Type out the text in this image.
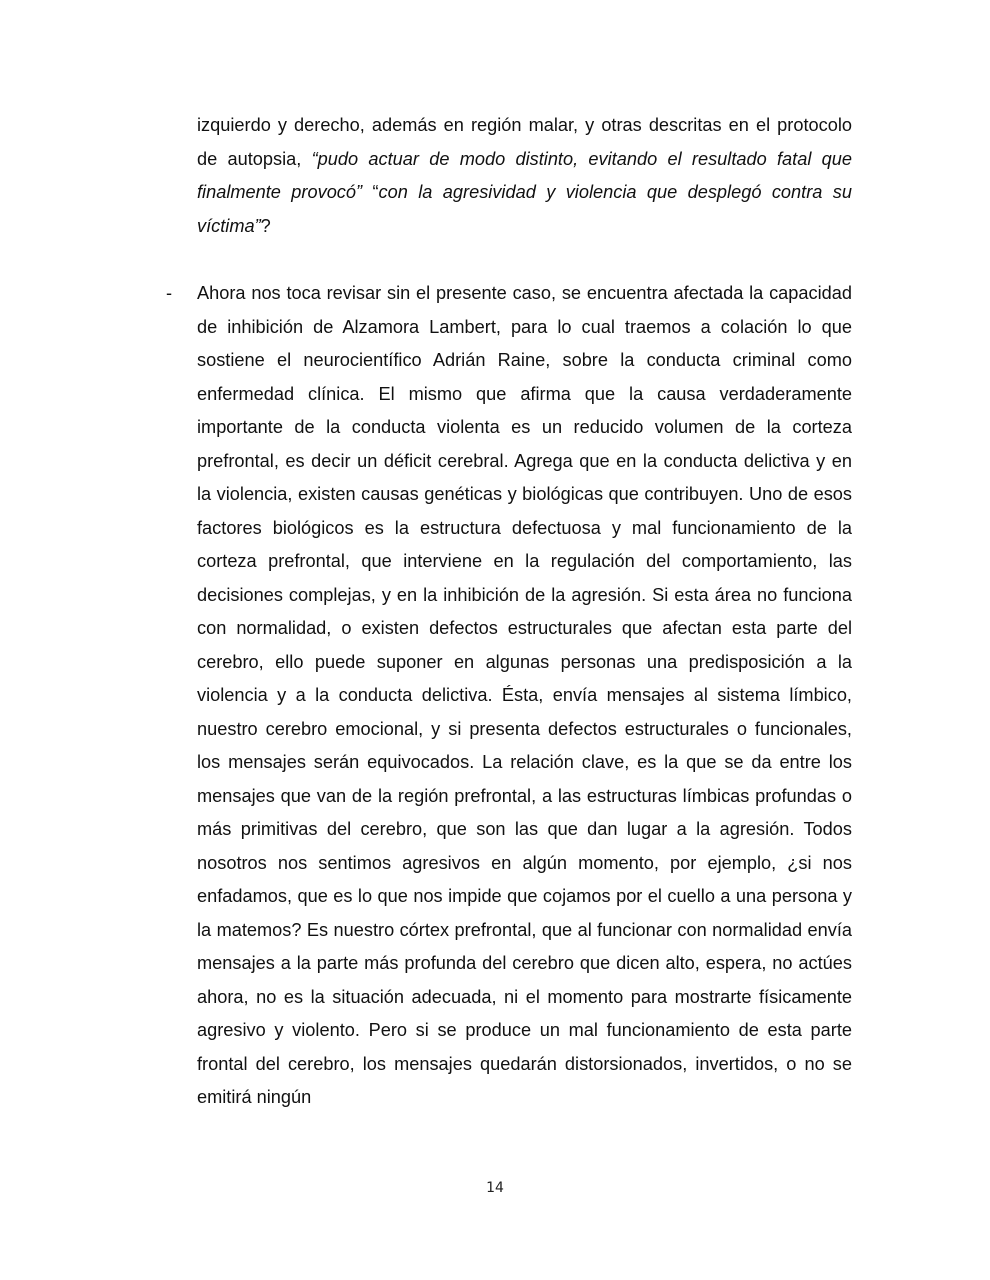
izquierdo y derecho, además en región malar, y otras descritas en el protocolo de autopsia, “pudo actuar de modo distinto, evitando el resultado fatal que finalmente provocó” “con la agresividad y violencia que desplegó contra su víctima”?

- Ahora nos toca revisar sin el presente caso, se encuentra afectada la capacidad de inhibición de Alzamora Lambert, para lo cual traemos a colación lo que sostiene el neurocientífico Adrián Raine, sobre la conducta criminal como enfermedad clínica. El mismo que afirma que la causa verdaderamente importante de la conducta violenta es un reducido volumen de la corteza prefrontal, es decir un déficit cerebral. Agrega que en la conducta delictiva y en la violencia, existen causas genéticas y biológicas que contribuyen. Uno de esos factores biológicos es la estructura defectuosa y mal funcionamiento de la corteza prefrontal, que interviene en la regulación del comportamiento, las decisiones complejas, y en la inhibición de la agresión. Si esta área no funciona con normalidad, o existen defectos estructurales que afectan esta parte del cerebro, ello puede suponer en algunas personas una predisposición a la violencia y a la conducta delictiva. Ésta, envía mensajes al sistema límbico, nuestro cerebro emocional, y si presenta defectos estructurales o funcionales, los mensajes serán equivocados. La relación clave, es la que se da entre los mensajes que van de la región prefrontal, a las estructuras límbicas profundas o más primitivas del cerebro, que son las que dan lugar a la agresión. Todos nosotros nos sentimos agresivos en algún momento, por ejemplo, ¿si nos enfadamos, que es lo que nos impide que cojamos por el cuello a una persona y la matemos? Es nuestro córtex prefrontal, que al funcionar con normalidad envía mensajes a la parte más profunda del cerebro que dicen alto, espera, no actúes ahora, no es la situación adecuada, ni el momento para mostrarte físicamente agresivo y violento. Pero si se produce un mal funcionamiento de esta parte frontal del cerebro, los mensajes quedarán distorsionados, invertidos, o no se emitirá ningún

14
